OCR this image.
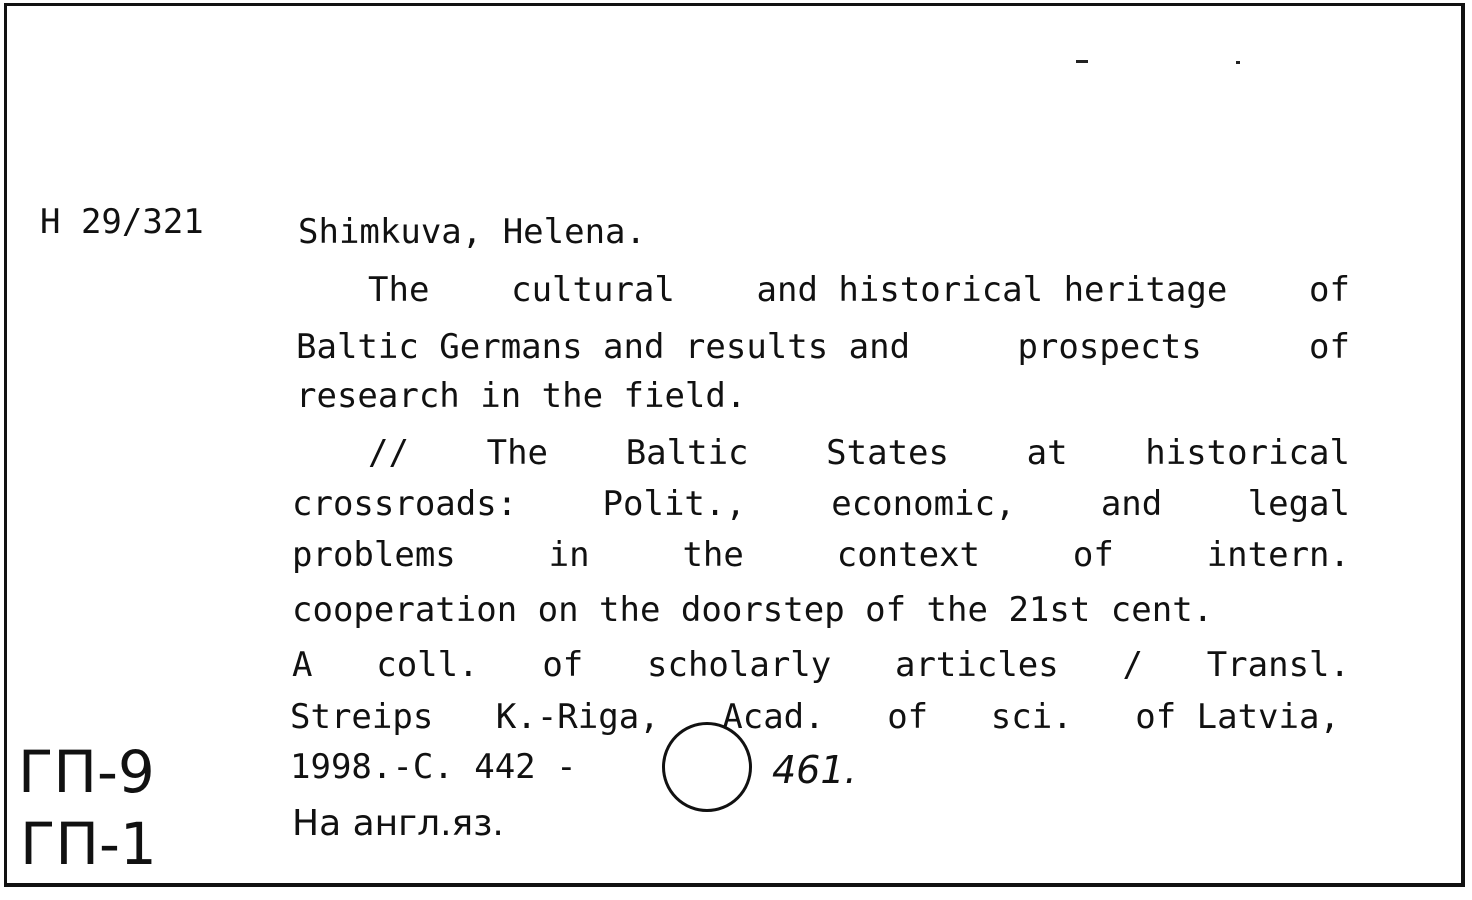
H 29/321	Shimkuva, Helena.
The cultural and historical heritage of
Baltic Germans and results and	prospects	of
research in the field.
// The Baltic States at historical
crossroads:	Polit.,	economic,	and	legal
problems	in	the	context	of	intern.
cooperation on the doorstep of the 21st cent.
A coll. of scholarly articles / Transl.
Streips K.-Riga, Acad. of sci. of Latvia,
1998.-C. 442 -	461.
На англ.яз.
ГП-9
ГП-1
